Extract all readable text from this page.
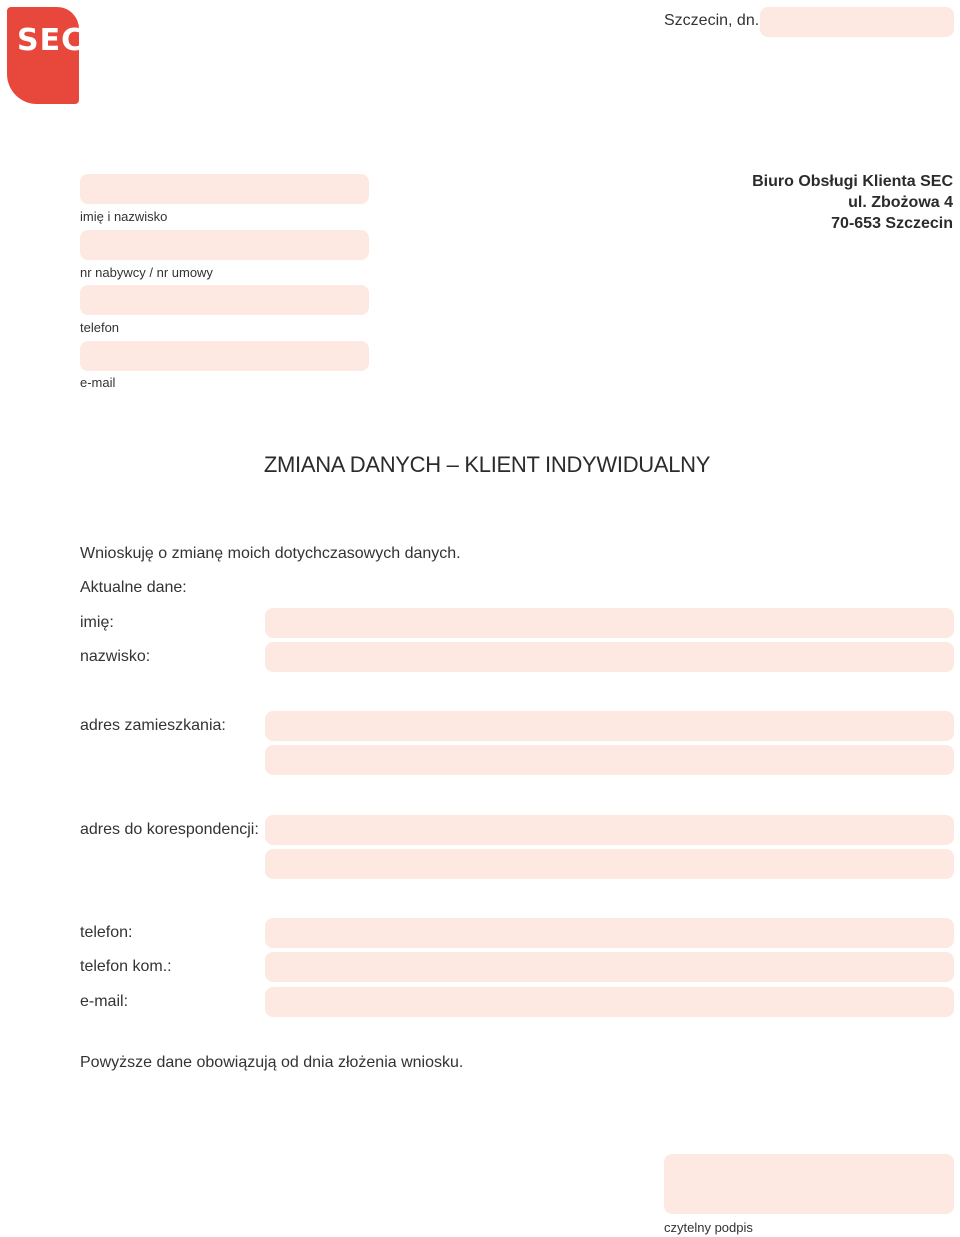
SEC
Szczecin, dn.
Biuro Obsługi Klienta SEC
ul. Zbożowa 4
70-653 Szczecin
imię i nazwisko
nr nabywcy / nr umowy
telefon
e-mail
ZMIANA DANYCH – KLIENT INDYWIDUALNY
Wnioskuję o zmianę moich dotychczasowych danych.
Aktualne dane:
imię:
nazwisko:
adres zamieszkania:
adres do korespondencji:
telefon:
telefon kom.:
e-mail:
Powyższe dane obowiązują od dnia złożenia wniosku.
czytelny podpis
